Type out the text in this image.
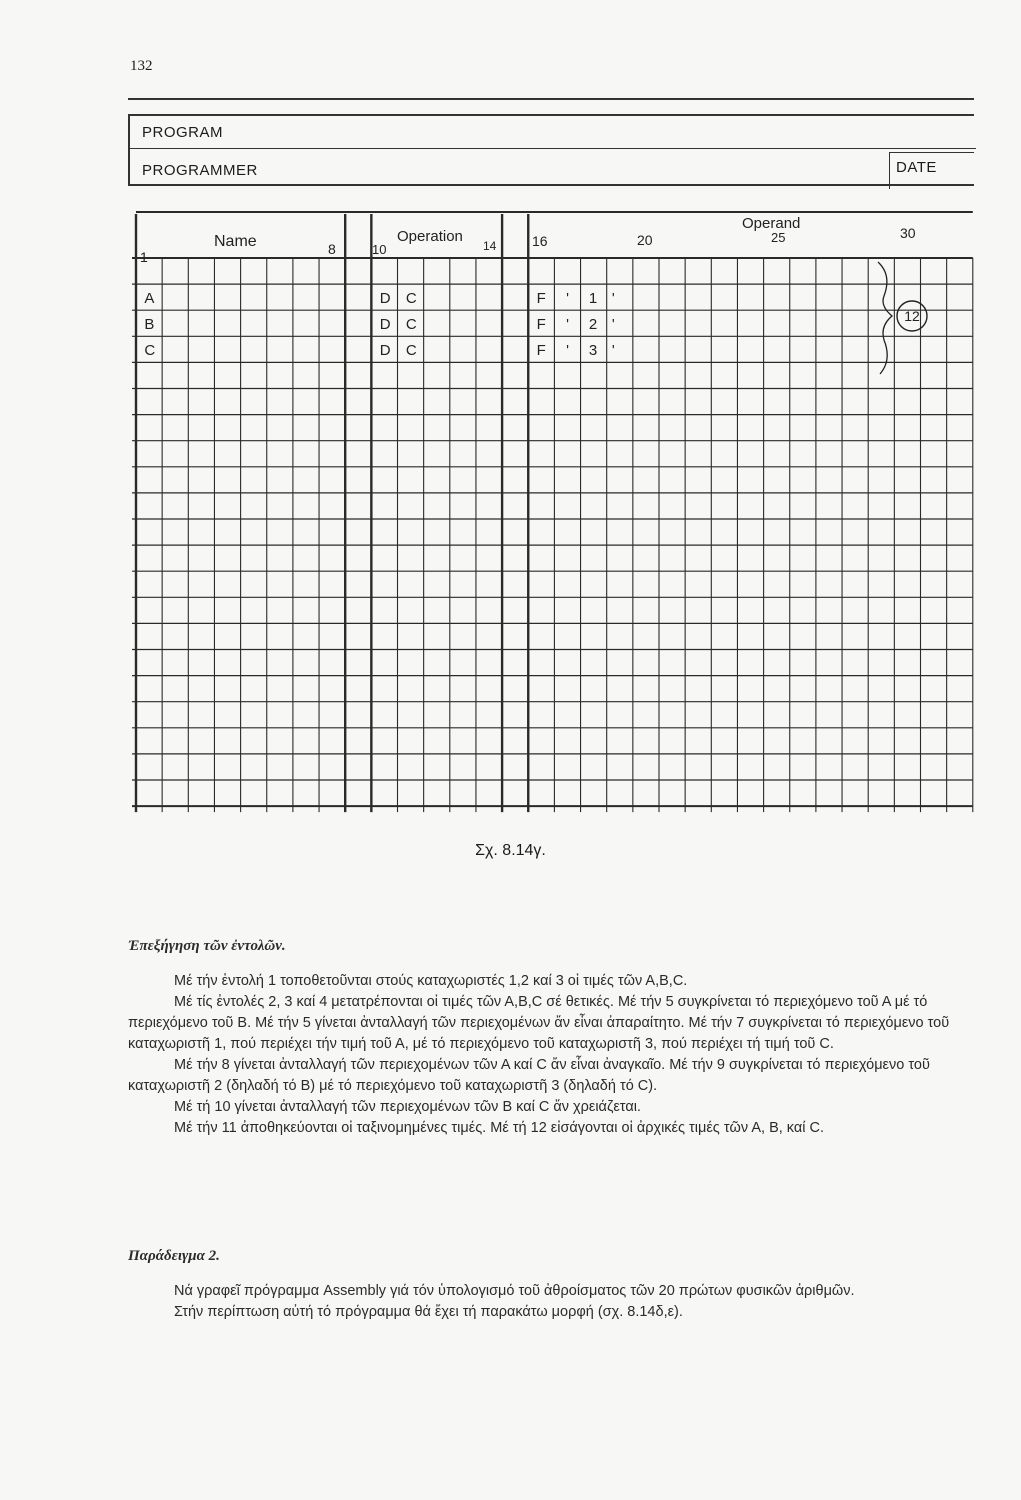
132
PROGRAM
PROGRAMMER	DATE
1
Name	8	10
Operation
14	16	20
Operand
25	30
A	D C	F ' 1 '
B	D C	F ' 2 '
C	D C	F ' 3 '
12
Σχ. 8.14γ.
Ἐπεξήγηση τῶν ἐντολῶν.

Μέ τήν ἐντολή 1 τοποθετοῦνται στούς καταχωριστές 1,2 καί 3 οἱ τιμές τῶν Α,Β,C.

Μέ τίς ἐντολές 2, 3 καί 4 μετατρέπονται οἱ τιμές τῶν Α,Β,C σέ θετικές. Μέ τήν 5 συγκρίνεται τό περιεχόμενο τοῦ Α μέ τό περιεχόμενο τοῦ Β. Μέ τήν 5 γίνεται ἀνταλλαγή τῶν περιεχομένων ἄν εἶναι ἀπαραίτητο. Μέ τήν 7 συγκρίνεται τό περιεχόμενο τοῦ καταχωριστῆ 1, πού περιέχει τήν τιμή τοῦ Α, μέ τό περιεχόμενο τοῦ καταχωριστῆ 3, πού περιέχει τή τιμή τοῦ C.

Μέ τήν 8 γίνεται ἀνταλλαγή τῶν περιεχομένων τῶν Α καί C ἄν εἶναι ἀναγκαῖο. Μέ τήν 9 συγκρίνεται τό περιεχόμενο τοῦ καταχωριστῆ 2 (δηλαδή τό Β) μέ τό περιεχόμενο τοῦ καταχωριστῆ 3 (δηλαδή τό C).

Μέ τή 10 γίνεται ἀνταλλαγή τῶν περιεχομένων τῶν Β καί C ἄν χρειάζεται.

Μέ τήν 11 ἀποθηκεύονται οἱ ταξινομημένες τιμές. Μέ τή 12 εἰσάγονται οἱ ἀρχικές τιμές τῶν Α, Β, καί C.

Παράδειγμα 2.

Νά γραφεῖ πρόγραμμα Assembly γιά τόν ὑπολογισμό τοῦ ἀθροίσματος τῶν 20 πρώτων φυσικῶν ἀριθμῶν.

Στήν περίπτωση αὐτή τό πρόγραμμα θά ἔχει τή παρακάτω μορφή (σχ. 8.14δ,ε).
